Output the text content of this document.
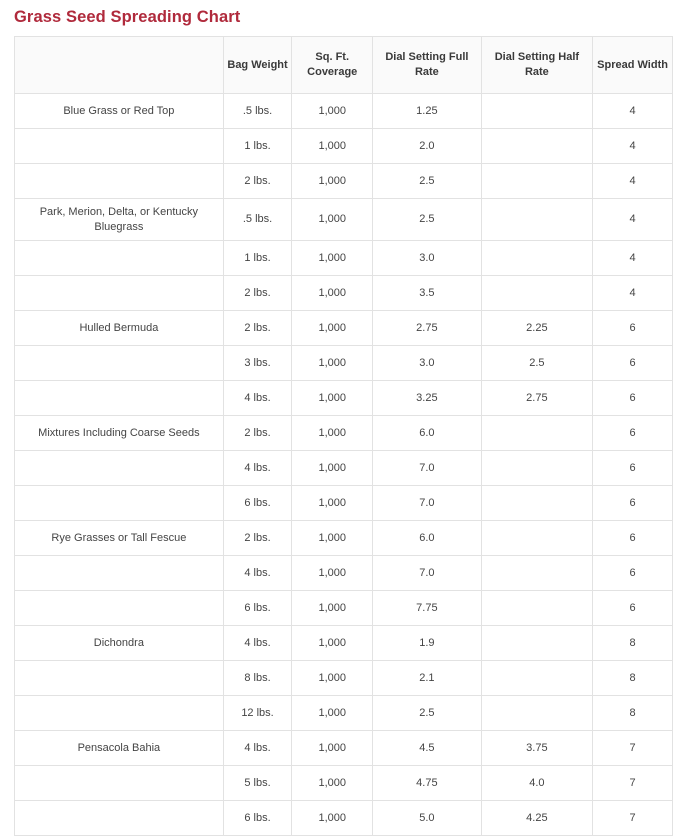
Grass Seed Spreading Chart
	Bag Weight	Sq. Ft. Coverage	Dial Setting Full Rate	Dial Setting Half Rate	Spread Width
Blue Grass or Red Top	.5 lbs.	1,000	1.25		4
	1 lbs.	1,000	2.0		4
	2 lbs.	1,000	2.5		4
Park, Merion, Delta, or Kentucky Bluegrass	.5 lbs.	1,000	2.5		4
	1 lbs.	1,000	3.0		4
	2 lbs.	1,000	3.5		4
Hulled Bermuda	2 lbs.	1,000	2.75	2.25	6
	3 lbs.	1,000	3.0	2.5	6
	4 lbs.	1,000	3.25	2.75	6
Mixtures Including Coarse Seeds	2 lbs.	1,000	6.0		6
	4 lbs.	1,000	7.0		6
	6 lbs.	1,000	7.0		6
Rye Grasses or Tall Fescue	2 lbs.	1,000	6.0		6
	4 lbs.	1,000	7.0		6
	6 lbs.	1,000	7.75		6
Dichondra	4 lbs.	1,000	1.9		8
	8 lbs.	1,000	2.1		8
	12 lbs.	1,000	2.5		8
Pensacola Bahia	4 lbs.	1,000	4.5	3.75	7
	5 lbs.	1,000	4.75	4.0	7
	6 lbs.	1,000	5.0	4.25	7
